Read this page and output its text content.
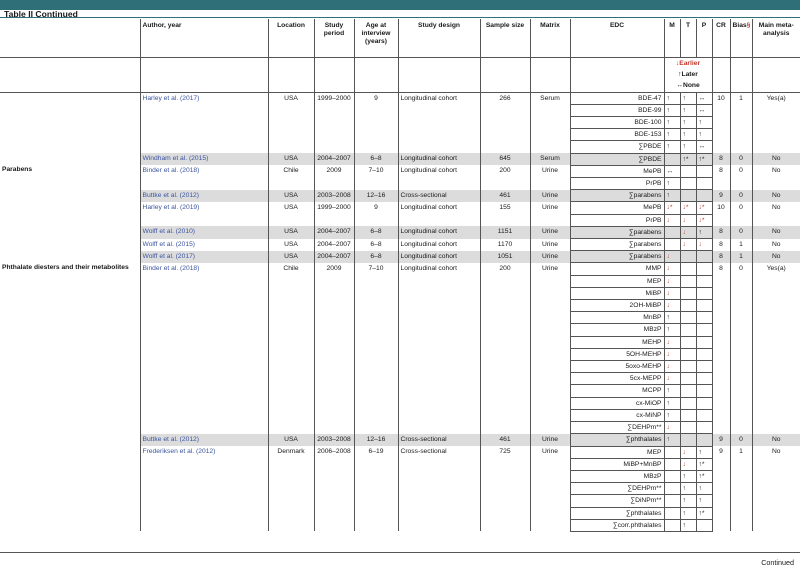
Table II Continued
	Author, year	Location	Study period	Age at interview (years)	Study design	Sample size	Matrix	EDC	M	T	P	CR	Bias§	Main meta-analysis

									↓Earlier
↑Later
↔None					

	Harley et al. (2017)	USA	1999–2000	9	Longitudinal cohort	266	Serum	BDE-47	↑	↑	↔	10	1	Yes(a)
								BDE-99	↑	↑	↔			
								BDE-100	↑	↑	↑			
								BDE-153	↑	↑	↑			
								∑PBDE	↑	↑	↔			
	Windham et al. (2015)	USA	2004–2007	6–8	Longitudinal cohort	645	Serum	∑PBDE		↑*	↑*	8	0	No
Parabens	Binder et al. (2018)	Chile	2009	7–10	Longitudinal cohort	200	Urine	MePB	↔			8	0	No
								PrPB	↑					
	Buttke et al. (2012)	USA	2003–2008	12–16	Cross-sectional	461	Urine	∑parabens	↑			9	0	No
	Harley et al. (2019)	USA	1999–2000	9	Longitudinal cohort	155	Urine	MePB	↓*	↓*	↓*	10	0	No
								PrPB	↓	↓	↓*			
	Wolff et al. (2010)	USA	2004–2007	6–8	Longitudinal cohort	1151	Urine	∑parabens		↓	↑	8	0	No
	Wolff et al. (2015)	USA	2004–2007	6–8	Longitudinal cohort	1170	Urine	∑parabens		↓	↓	8	1	No
	Wolff et al. (2017)	USA	2004–2007	6–8	Longitudinal cohort	1051	Urine	∑parabens	↓			8	1	No
Phthalate diesters and their metabolites	Binder et al. (2018)	Chile	2009	7–10	Longitudinal cohort	200	Urine	MMP	↓			8	0	Yes(a)
								MEP	↓					
								MiBP	↓					
								2OH-MiBP	↓					
								MnBP	↑					
								MBzP	↑					
								MEHP	↓					
								5OH-MEHP	↓					
								5oxo-MEHP	↓					
								5cx-MEPP	↓					
								MCPP	↑					
								cx-MiOP	↑					
								cx-MiNP	↑					
								∑DEHPm**	↓					
	Buttke et al. (2012)	USA	2003–2008	12–16	Cross-sectional	461	Urine	∑phthalates	↑			9	0	No
	Frederiksen et al. (2012)	Denmark	2006–2008	6–19	Cross-sectional	725	Urine	MEP		↓	↑	9	1	No
								MiBP+MnBP		↓	↑*			
								MBzP		↑	↑*			
								∑DEHPm**		↑	↑			
								∑DiNPm**		↑	↑			
								∑phthalates		↑	↑*			
								∑corr.phthalates		↑				
Continued
